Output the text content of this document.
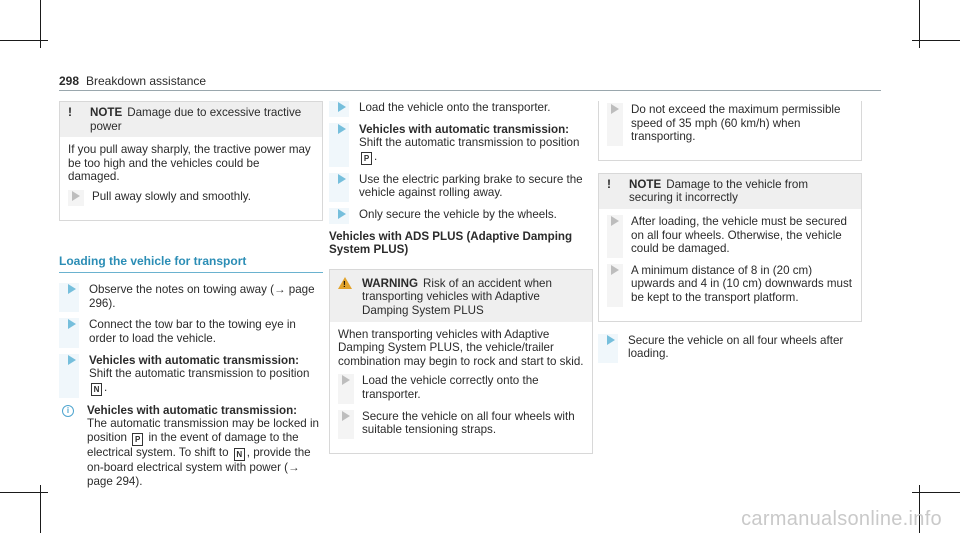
298 Breakdown assistance
!	NOTE Damage due to excessive tractive power

If you pull away sharply, the tractive power may be too high and the vehicles could be damaged.

Pull away slowly and smoothly.
Loading the vehicle for transport
Observe the notes on towing away (→ page 296).
Connect the tow bar to the towing eye in order to load the vehicle.
Vehicles with automatic transmission:
Shift the automatic transmission to position N .
i	Vehicles with automatic transmission:
The automatic transmission may be locked in position P in the event of damage to the electrical system. To shift to N , provide the on-board electrical system with power (→ page 294).
Load the vehicle onto the transporter.
Vehicles with automatic transmission:
Shift the automatic transmission to position
P .
Use the electric parking brake to secure the vehicle against rolling away.
Only secure the vehicle by the wheels.

Vehicles with ADS PLUS (Adaptive Damping System PLUS)

!
WARNING Risk of an accident when transporting vehicles with Adaptive Damping System PLUS

When transporting vehicles with Adaptive Damping System PLUS, the vehicle/trailer combination may begin to rock and start to skid.

Load the vehicle correctly onto the transporter.
Secure the vehicle on all four wheels with suitable tensioning straps.
Do not exceed the maximum permissible speed of 35 mph (60 km/h) when transporting.
!	NOTE Damage to the vehicle from securing it incorrectly
After loading, the vehicle must be secured on all four wheels. Otherwise, the vehicle could be damaged.
A minimum distance of 8 in (20 cm) upwards and 4 in (10 cm) downwards must be kept to the transport platform.
Secure the vehicle on all four wheels after loading.
carmanualsonline.info
